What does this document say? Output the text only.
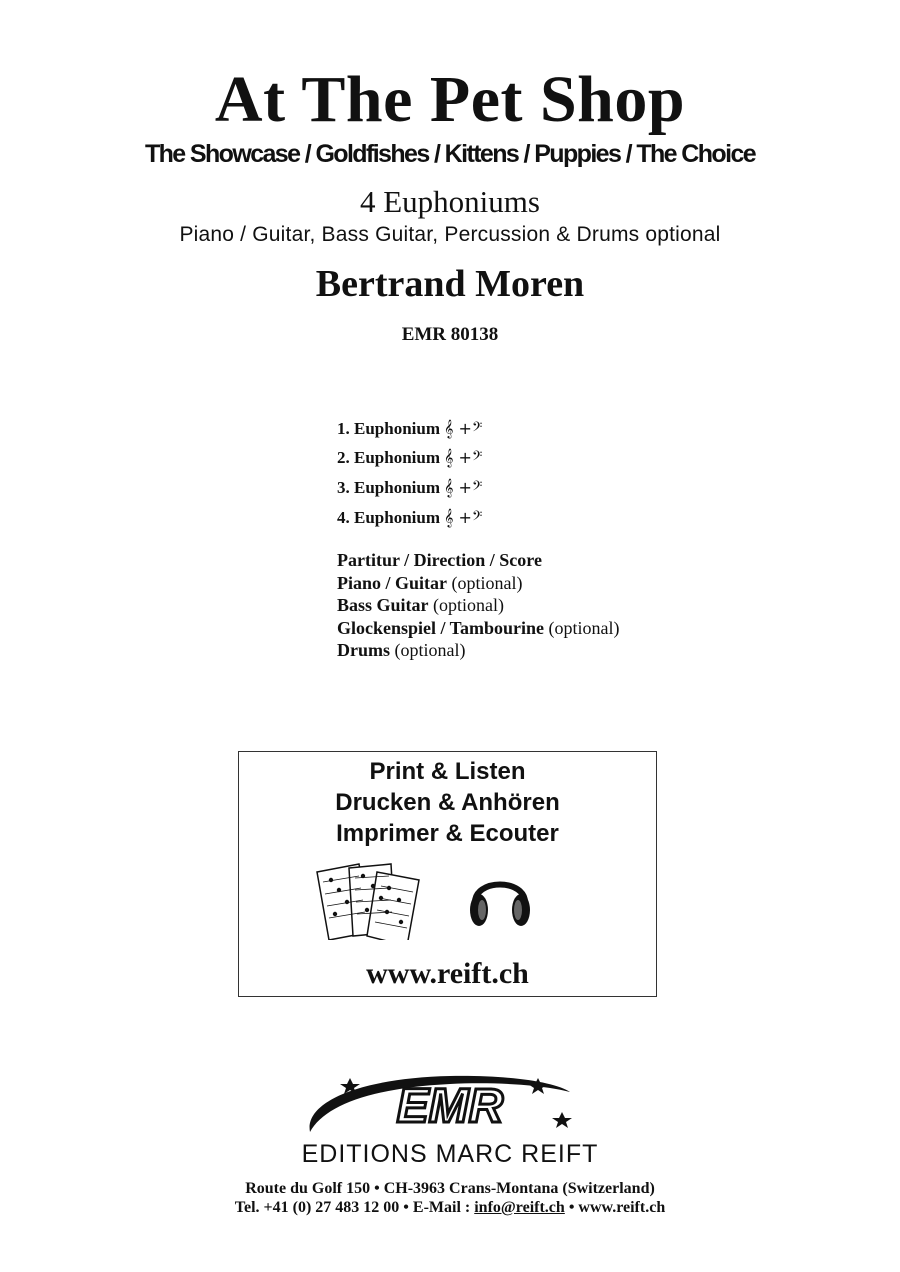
At The Pet Shop
The Showcase / Goldfishes / Kittens / Puppies / The Choice
4 Euphoniums
Piano / Guitar, Bass Guitar, Percussion & Drums optional
Bertrand Moren
EMR 80138
1. Euphonium 𝄞 +𝄢
2. Euphonium 𝄞 +𝄢
3. Euphonium 𝄞 +𝄢
4. Euphonium 𝄞 +𝄢
Partitur / Direction / Score
Piano / Guitar (optional)
Bass Guitar (optional)
Glockenspiel / Tambourine (optional)
Drums (optional)
Print & Listen
Drucken & Anhören
Imprimer & Ecouter
www.reift.ch
EMR
EDITIONS MARC REIFT
Route du Golf 150 • CH-3963 Crans-Montana (Switzerland)
Tel. +41 (0) 27 483 12 00 • E-Mail : info@reift.ch • www.reift.ch
